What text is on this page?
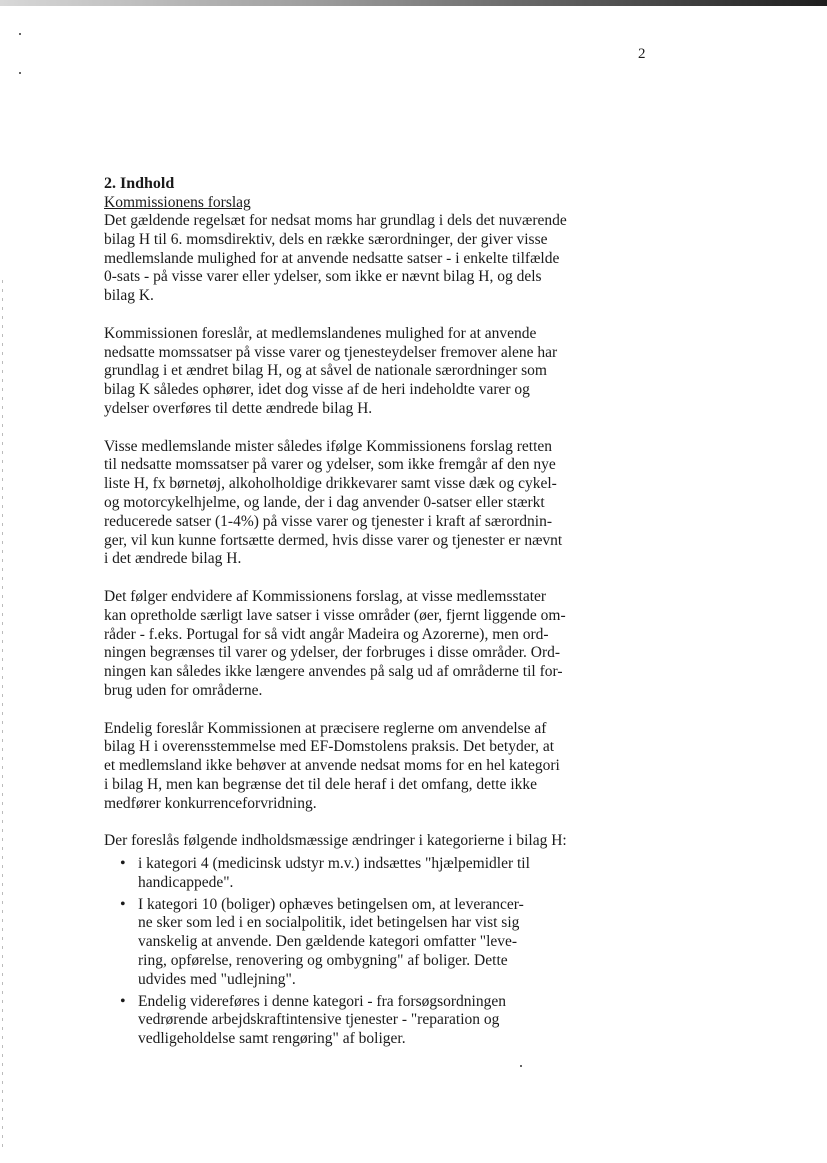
2
2. Indhold
Kommissionens forslag

Det gældende regelsæt for nedsat moms har grundlag i dels det nuværende
bilag H til 6. momsdirektiv, dels en række særordninger, der giver visse
medlemslande mulighed for at anvende nedsatte satser - i enkelte tilfælde
0-sats - på visse varer eller ydelser, som ikke er nævnt bilag H, og dels
bilag K.

Kommissionen foreslår, at medlemslandenes mulighed for at anvende
nedsatte momssatser på visse varer og tjenesteydelser fremover alene har
grundlag i et ændret bilag H, og at såvel de nationale særordninger som
bilag K således ophører, idet dog visse af de heri indeholdte varer og
ydelser overføres til dette ændrede bilag H.

Visse medlemslande mister således ifølge Kommissionens forslag retten
til nedsatte momssatser på varer og ydelser, som ikke fremgår af den nye
liste H, fx børnetøj, alkoholholdige drikkevarer samt visse dæk og cykel-
og motorcykelhjelme, og lande, der i dag anvender 0-satser eller stærkt
reducerede satser (1-4%) på visse varer og tjenester i kraft af særordnin-
ger, vil kun kunne fortsætte dermed, hvis disse varer og tjenester er nævnt
i det ændrede bilag H.

Det følger endvidere af Kommissionens forslag, at visse medlemsstater
kan opretholde særligt lave satser i visse områder (øer, fjernt liggende om-
råder - f.eks. Portugal for så vidt angår Madeira og Azorerne), men ord-
ningen begrænses til varer og ydelser, der forbruges i disse områder. Ord-
ningen kan således ikke længere anvendes på salg ud af områderne til for-
brug uden for områderne.

Endelig foreslår Kommissionen at præcisere reglerne om anvendelse af
bilag H i overensstemmelse med EF-Domstolens praksis. Det betyder, at
et medlemsland ikke behøver at anvende nedsat moms for en hel kategori
i bilag H, men kan begrænse det til dele heraf i det omfang, dette ikke
medfører konkurrenceforvridning.

Der foreslås følgende indholdsmæssige ændringer i kategorierne i bilag H:
• i kategori 4 (medicinsk udstyr m.v.) indsættes "hjælpemidler til
handicappede".
• I kategori 10 (boliger) ophæves betingelsen om, at leverancer-
ne sker som led i en socialpolitik, idet betingelsen har vist sig
vanskelig at anvende. Den gældende kategori omfatter "leve-
ring, opførelse, renovering og ombygning" af boliger. Dette
udvides med "udlejning".
• Endelig videreføres i denne kategori - fra forsøgsordningen
vedrørende arbejdskraftintensive tjenester - "reparation og
vedligeholdelse samt rengøring" af boliger.
